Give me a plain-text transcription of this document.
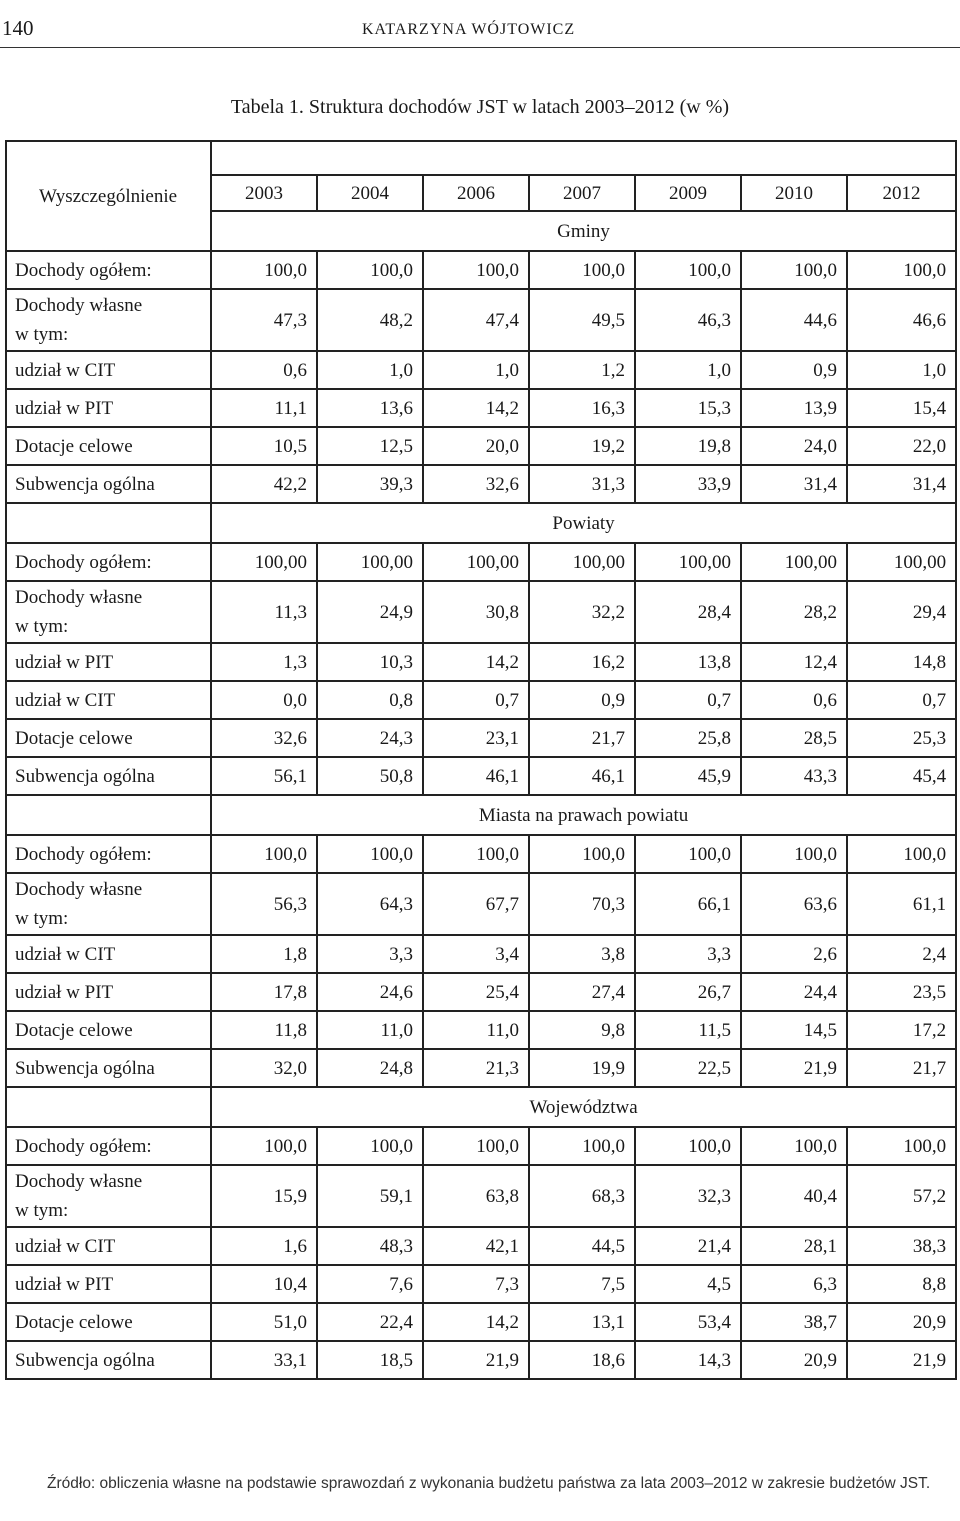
140	KATARZYNA WÓJTOWICZ
Tabela 1. Struktura dochodów JST w latach 2003–2012 (w %)
Wyszczególnienie							
	2003	2004	2006	2007	2009	2010	2012
	Gminy						
Dochody ogółem:	100,0	100,0	100,0	100,0	100,0	100,0	100,0

Dochody własne
w tym:	47,3	48,2	47,4	49,5	46,3	44,6	46,6
udział w CIT	0,6	1,0	1,0	1,2	1,0	0,9	1,0
udział w PIT	11,1	13,6	14,2	16,3	15,3	13,9	15,4
Dotacje celowe	10,5	12,5	20,0	19,2	19,8	24,0	22,0
Subwencja ogólna	42,2	39,3	32,6	31,3	33,9	31,4	31,4
	Powiaty						
Dochody ogółem:	100,00	100,00	100,00	100,00	100,00	100,00	100,00

Dochody własne
w tym:	11,3	24,9	30,8	32,2	28,4	28,2	29,4
udział w PIT	1,3	10,3	14,2	16,2	13,8	12,4	14,8
udział w CIT	0,0	0,8	0,7	0,9	0,7	0,6	0,7
Dotacje celowe	32,6	24,3	23,1	21,7	25,8	28,5	25,3
Subwencja ogólna	56,1	50,8	46,1	46,1	45,9	43,3	45,4
	Miasta na prawach powiatu						
Dochody ogółem:	100,0	100,0	100,0	100,0	100,0	100,0	100,0

Dochody własne
w tym:	56,3	64,3	67,7	70,3	66,1	63,6	61,1
udział w CIT	1,8	3,3	3,4	3,8	3,3	2,6	2,4
udział w PIT	17,8	24,6	25,4	27,4	26,7	24,4	23,5
Dotacje celowe	11,8	11,0	11,0	9,8	11,5	14,5	17,2
Subwencja ogólna	32,0	24,8	21,3	19,9	22,5	21,9	21,7
	Województwa						
Dochody ogółem:	100,0	100,0	100,0	100,0	100,0	100,0	100,0

Dochody własne
w tym:	15,9	59,1	63,8	68,3	32,3	40,4	57,2
udział w CIT	1,6	48,3	42,1	44,5	21,4	28,1	38,3
udział w PIT	10,4	7,6	7,3	7,5	4,5	6,3	8,8
Dotacje celowe	51,0	22,4	14,2	13,1	53,4	38,7	20,9
Subwencja ogólna	33,1	18,5	21,9	18,6	14,3	20,9	21,9
Źródło: obliczenia własne na podstawie sprawozdań z wykonania budżetu państwa za lata 2003–2012 w zakresie budżetów JST.
